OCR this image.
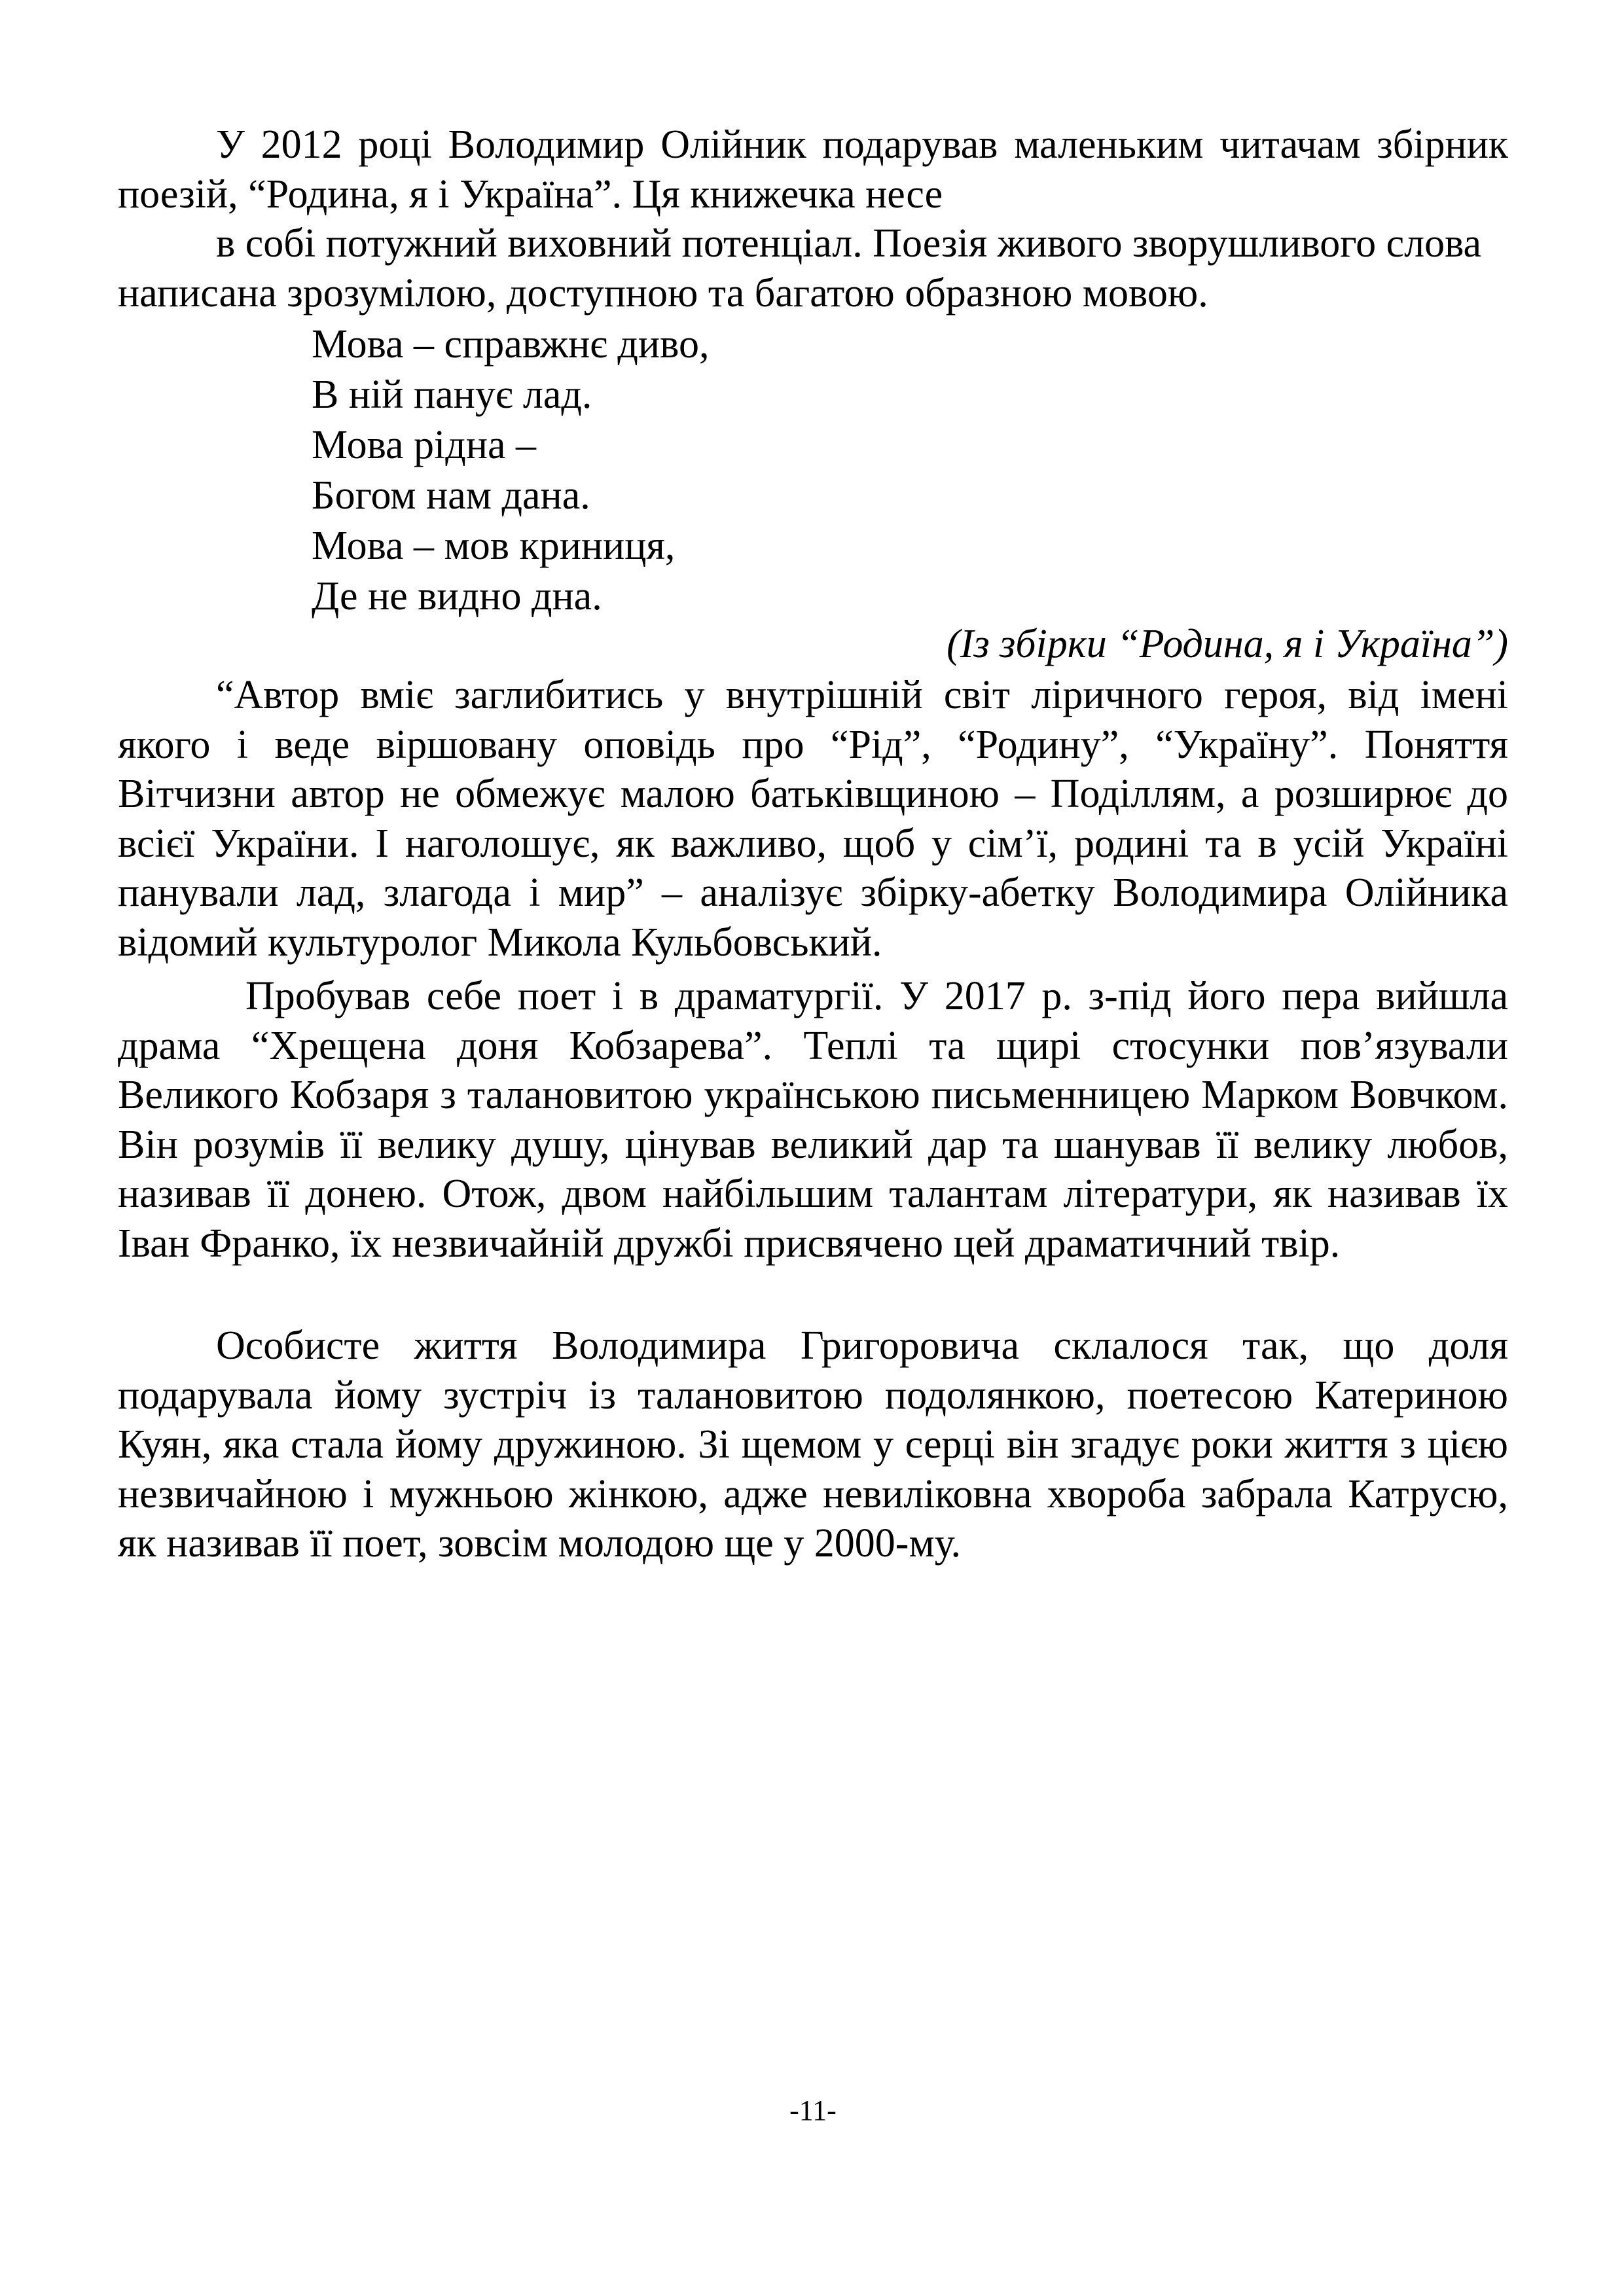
У 2012 році Володимир Олійник подарував маленьким читачам збірник поезій, “Родина, я і Україна”. Ця книжечка несе
в собі потужний виховний потенціал. Поезія живого зворушливого слова написана зрозумілою, доступною та багатою образною мовою.

Мова – справжнє диво,
В ній панує лад.
Мова рідна –
Богом нам дана.
Мова – мов криниця,
Де не видно дна.
(Із збірки “Родина, я і Україна”)

“Автор вміє заглибитись у внутрішній світ ліричного героя, від імені якого і веде віршовану оповідь про “Рід”, “Родину”, “Україну”. Поняття Вітчизни автор не обмежує малою батьківщиною – Поділлям, а розширює до всієї України. І наголошує, як важливо, щоб у сім’ї, родині та в усій Україні панували лад, злагода і мир” – аналізує збірку-абетку Володимира Олійника відомий культуролог Микола Кульбовський.

Пробував себе поет і в драматургії. У 2017 р. з-під його пера вийшла драма “Хрещена доня Кобзарева”. Теплі та щирі стосунки пов’язували Великого Кобзаря з талановитою українською письменницею Марком Вовчком. Він розумів її велику душу, цінував великий дар та шанував її велику любов, називав її донею. Отож, двом найбільшим талантам літератури, як називав їх Іван Франко, їх незвичайній дружбі присвячено цей драматичний твір.

Особисте життя Володимира Григоровича склалося так, що доля подарувала йому зустріч із талановитою подолянкою, поетесою Катериною Куян, яка стала йому дружиною. Зі щемом у серці він згадує роки життя з цією незвичайною і мужньою жінкою, адже невиліковна хвороба забрала Катрусю, як називав її поет, зовсім молодою ще у 2000-му.

-11-
